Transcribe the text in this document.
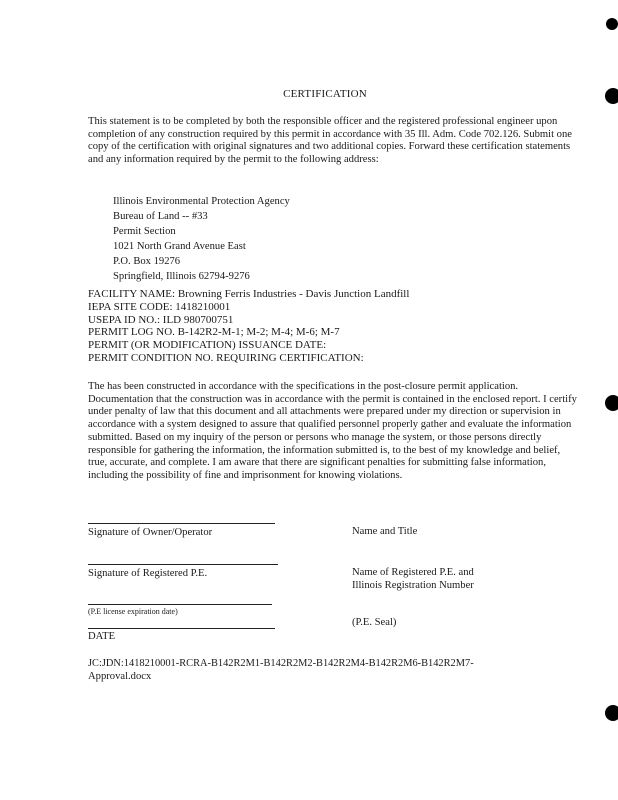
CERTIFICATION
This statement is to be completed by both the responsible officer and the registered professional engineer upon completion of any construction required by this permit in accordance with 35 Ill. Adm. Code 702.126. Submit one copy of the certification with original signatures and two additional copies. Forward these certification statements and any information required by the permit to the following address:
Illinois Environmental Protection Agency
Bureau of Land -- #33
Permit Section
1021 North Grand Avenue East
P.O. Box 19276
Springfield, Illinois 62794-9276
FACILITY NAME: Browning Ferris Industries - Davis Junction Landfill
IEPA SITE CODE: 1418210001
USEPA ID NO.: ILD 980700751
PERMIT LOG NO. B-142R2-M-1; M-2; M-4; M-6; M-7
PERMIT (OR MODIFICATION) ISSUANCE DATE:
PERMIT CONDITION NO. REQUIRING CERTIFICATION:
The has been constructed in accordance with the specifications in the post-closure permit application. Documentation that the construction was in accordance with the permit is contained in the enclosed report. I certify under penalty of law that this document and all attachments were prepared under my direction or supervision in accordance with a system designed to assure that qualified personnel properly gather and evaluate the information submitted. Based on my inquiry of the person or persons who manage the system, or those persons directly responsible for gathering the information, the information submitted is, to the best of my knowledge and belief, true, accurate, and complete. I am aware that there are significant penalties for submitting false information, including the possibility of fine and imprisonment for knowing violations.
Signature of Owner/Operator	Name and Title
Signature of Registered P.E.	Name of Registered P.E. and
Illinois Registration Number
(P.E license expiration date)
(P.E. Seal)
DATE
JC:JDN:1418210001-RCRA-B142R2M1-B142R2M2-B142R2M4-B142R2M6-B142R2M7-
Approval.docx
